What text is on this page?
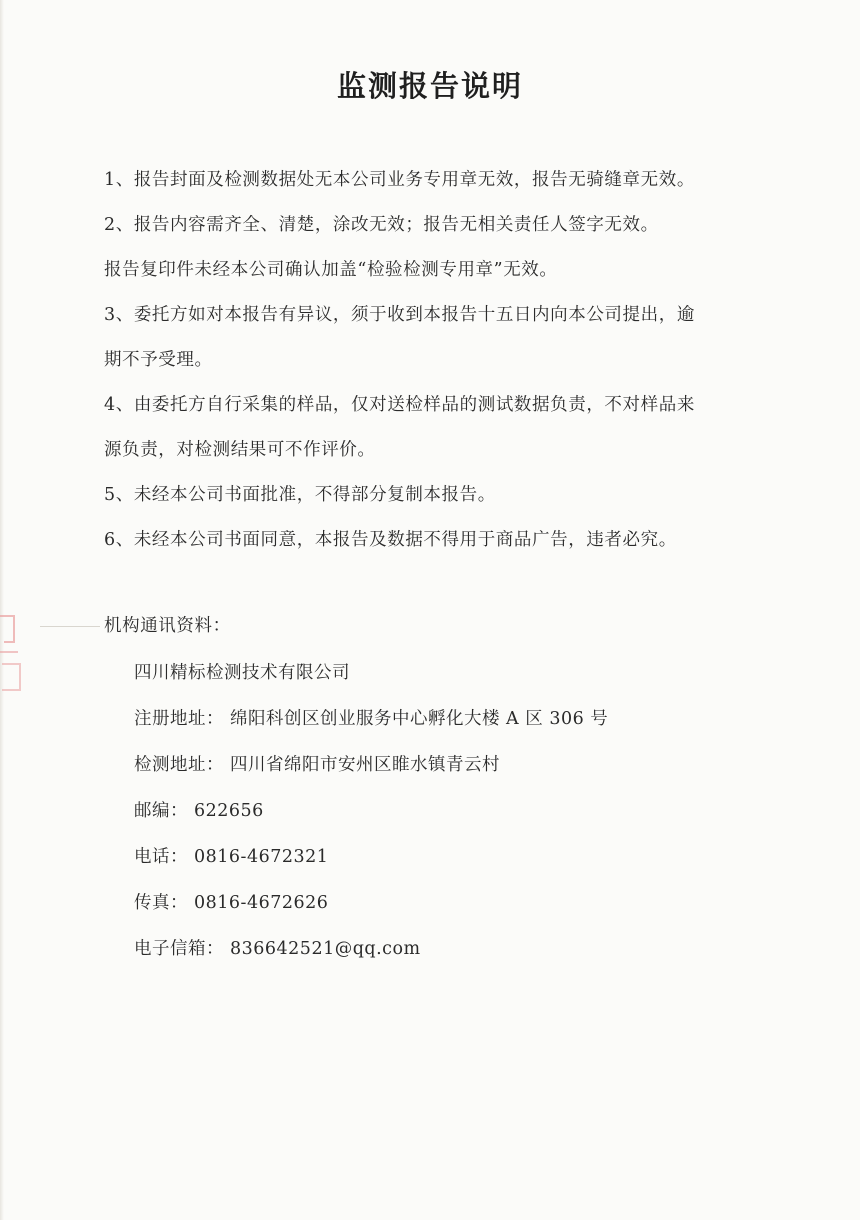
监测报告说明

1、报告封面及检测数据处无本公司业务专用章无效，报告无骑缝章无效。

2、报告内容需齐全、清楚，涂改无效；报告无相关责任人签字无效。

报告复印件未经本公司确认加盖“检验检测专用章”无效。

3、委托方如对本报告有异议，须于收到本报告十五日内向本公司提出，逾
期不予受理。

4、由委托方自行采集的样品，仅对送检样品的测试数据负责，不对样品来
源负责，对检测结果可不作评价。

5、未经本公司书面批准，不得部分复制本报告。

6、未经本公司书面同意，本报告及数据不得用于商品广告，违者必究。

机构通讯资料：
四川精标检测技术有限公司
注册地址： 绵阳科创区创业服务中心孵化大楼 A 区 306 号
检测地址： 四川省绵阳市安州区睢水镇青云村
邮编： 622656
电话： 0816-4672321
传真： 0816-4672626
电子信箱： 836642521@qq.com
